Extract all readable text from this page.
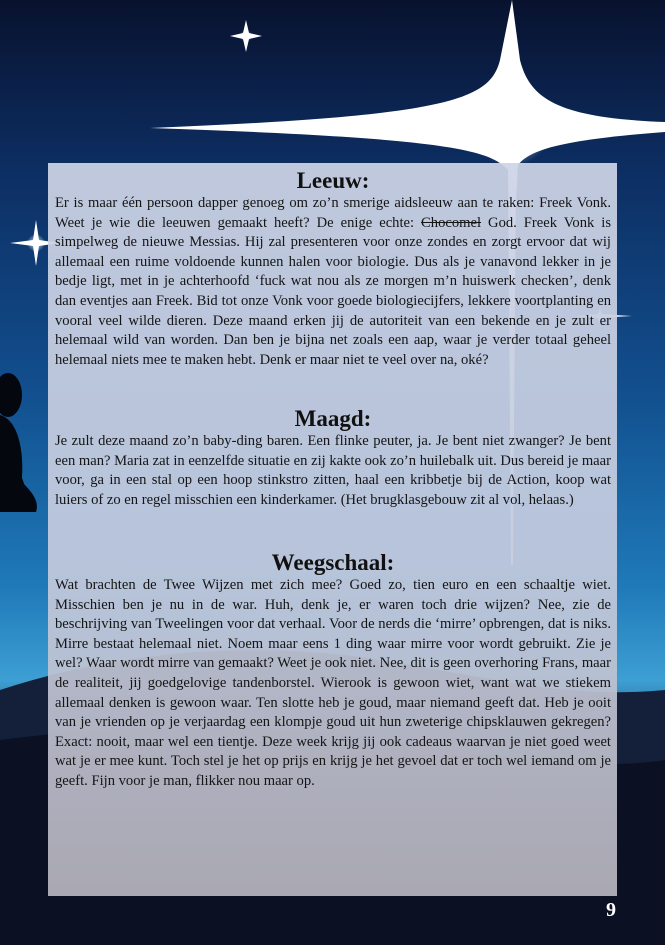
Leeuw:

Er is maar één persoon dapper genoeg om zo’n smerige aidsleeuw aan te raken: Freek Vonk. Weet je wie die leeuwen gemaakt heeft? De enige echte: Chocomel God. Freek Vonk is simpelweg de nieuwe Messias. Hij zal presenteren voor onze zondes en zorgt ervoor dat wij allemaal een ruime voldoende kunnen halen voor biologie. Dus als je vanavond lekker in je bedje ligt, met in je achterhoofd ‘fuck wat nou als ze morgen m’n huiswerk checken’, denk dan eventjes aan Freek. Bid tot onze Vonk voor goede biologiecijfers, lekkere voortplanting en vooral veel wilde dieren. Deze maand erken jij de autoriteit van een bekende en je zult er helemaal wild van worden. Dan ben je bijna net zoals een aap, waar je verder totaal geheel helemaal niets mee te maken hebt. Denk er maar niet te veel over na, oké?

Maagd:

Je zult deze maand zo’n baby-ding baren. Een flinke peuter, ja. Je bent niet zwanger? Je bent een man? Maria zat in eenzelfde situatie en zij kakte ook zo’n huilebalk uit. Dus bereid je maar voor, ga in een stal op een hoop stinkstro zitten, haal een kribbetje bij de Action, koop wat luiers of zo en regel misschien een kinderkamer. (Het brugklasgebouw zit al vol, helaas.)

Weegschaal:

Wat brachten de Twee Wijzen met zich mee? Goed zo, tien euro en een schaaltje wiet. Misschien ben je nu in de war. Huh, denk je, er waren toch drie wijzen? Nee, zie de beschrijving van Tweelingen voor dat verhaal. Voor de nerds die ‘mirre’ opbrengen, dat is niks. Mirre bestaat helemaal niet. Noem maar eens 1 ding waar mirre voor wordt gebruikt. Zie je wel? Waar wordt mirre van gemaakt? Weet je ook niet. Nee, dit is geen overhoring Frans, maar de realiteit, jij goedgelovige tandenborstel. Wierook is gewoon wiet, want wat we stiekem allemaal denken is gewoon waar. Ten slotte heb je goud, maar niemand geeft dat. Heb je ooit van je vrienden op je verjaardag een klompje goud uit hun zweterige chipsklauwen gekregen? Exact: nooit, maar wel een tientje. Deze week krijg jij ook cadeaus waarvan je niet goed weet wat je er mee kunt. Toch stel je het op prijs en krijg je het gevoel dat er toch wel iemand om je geeft. Fijn voor je man, flikker nou maar op.

9
